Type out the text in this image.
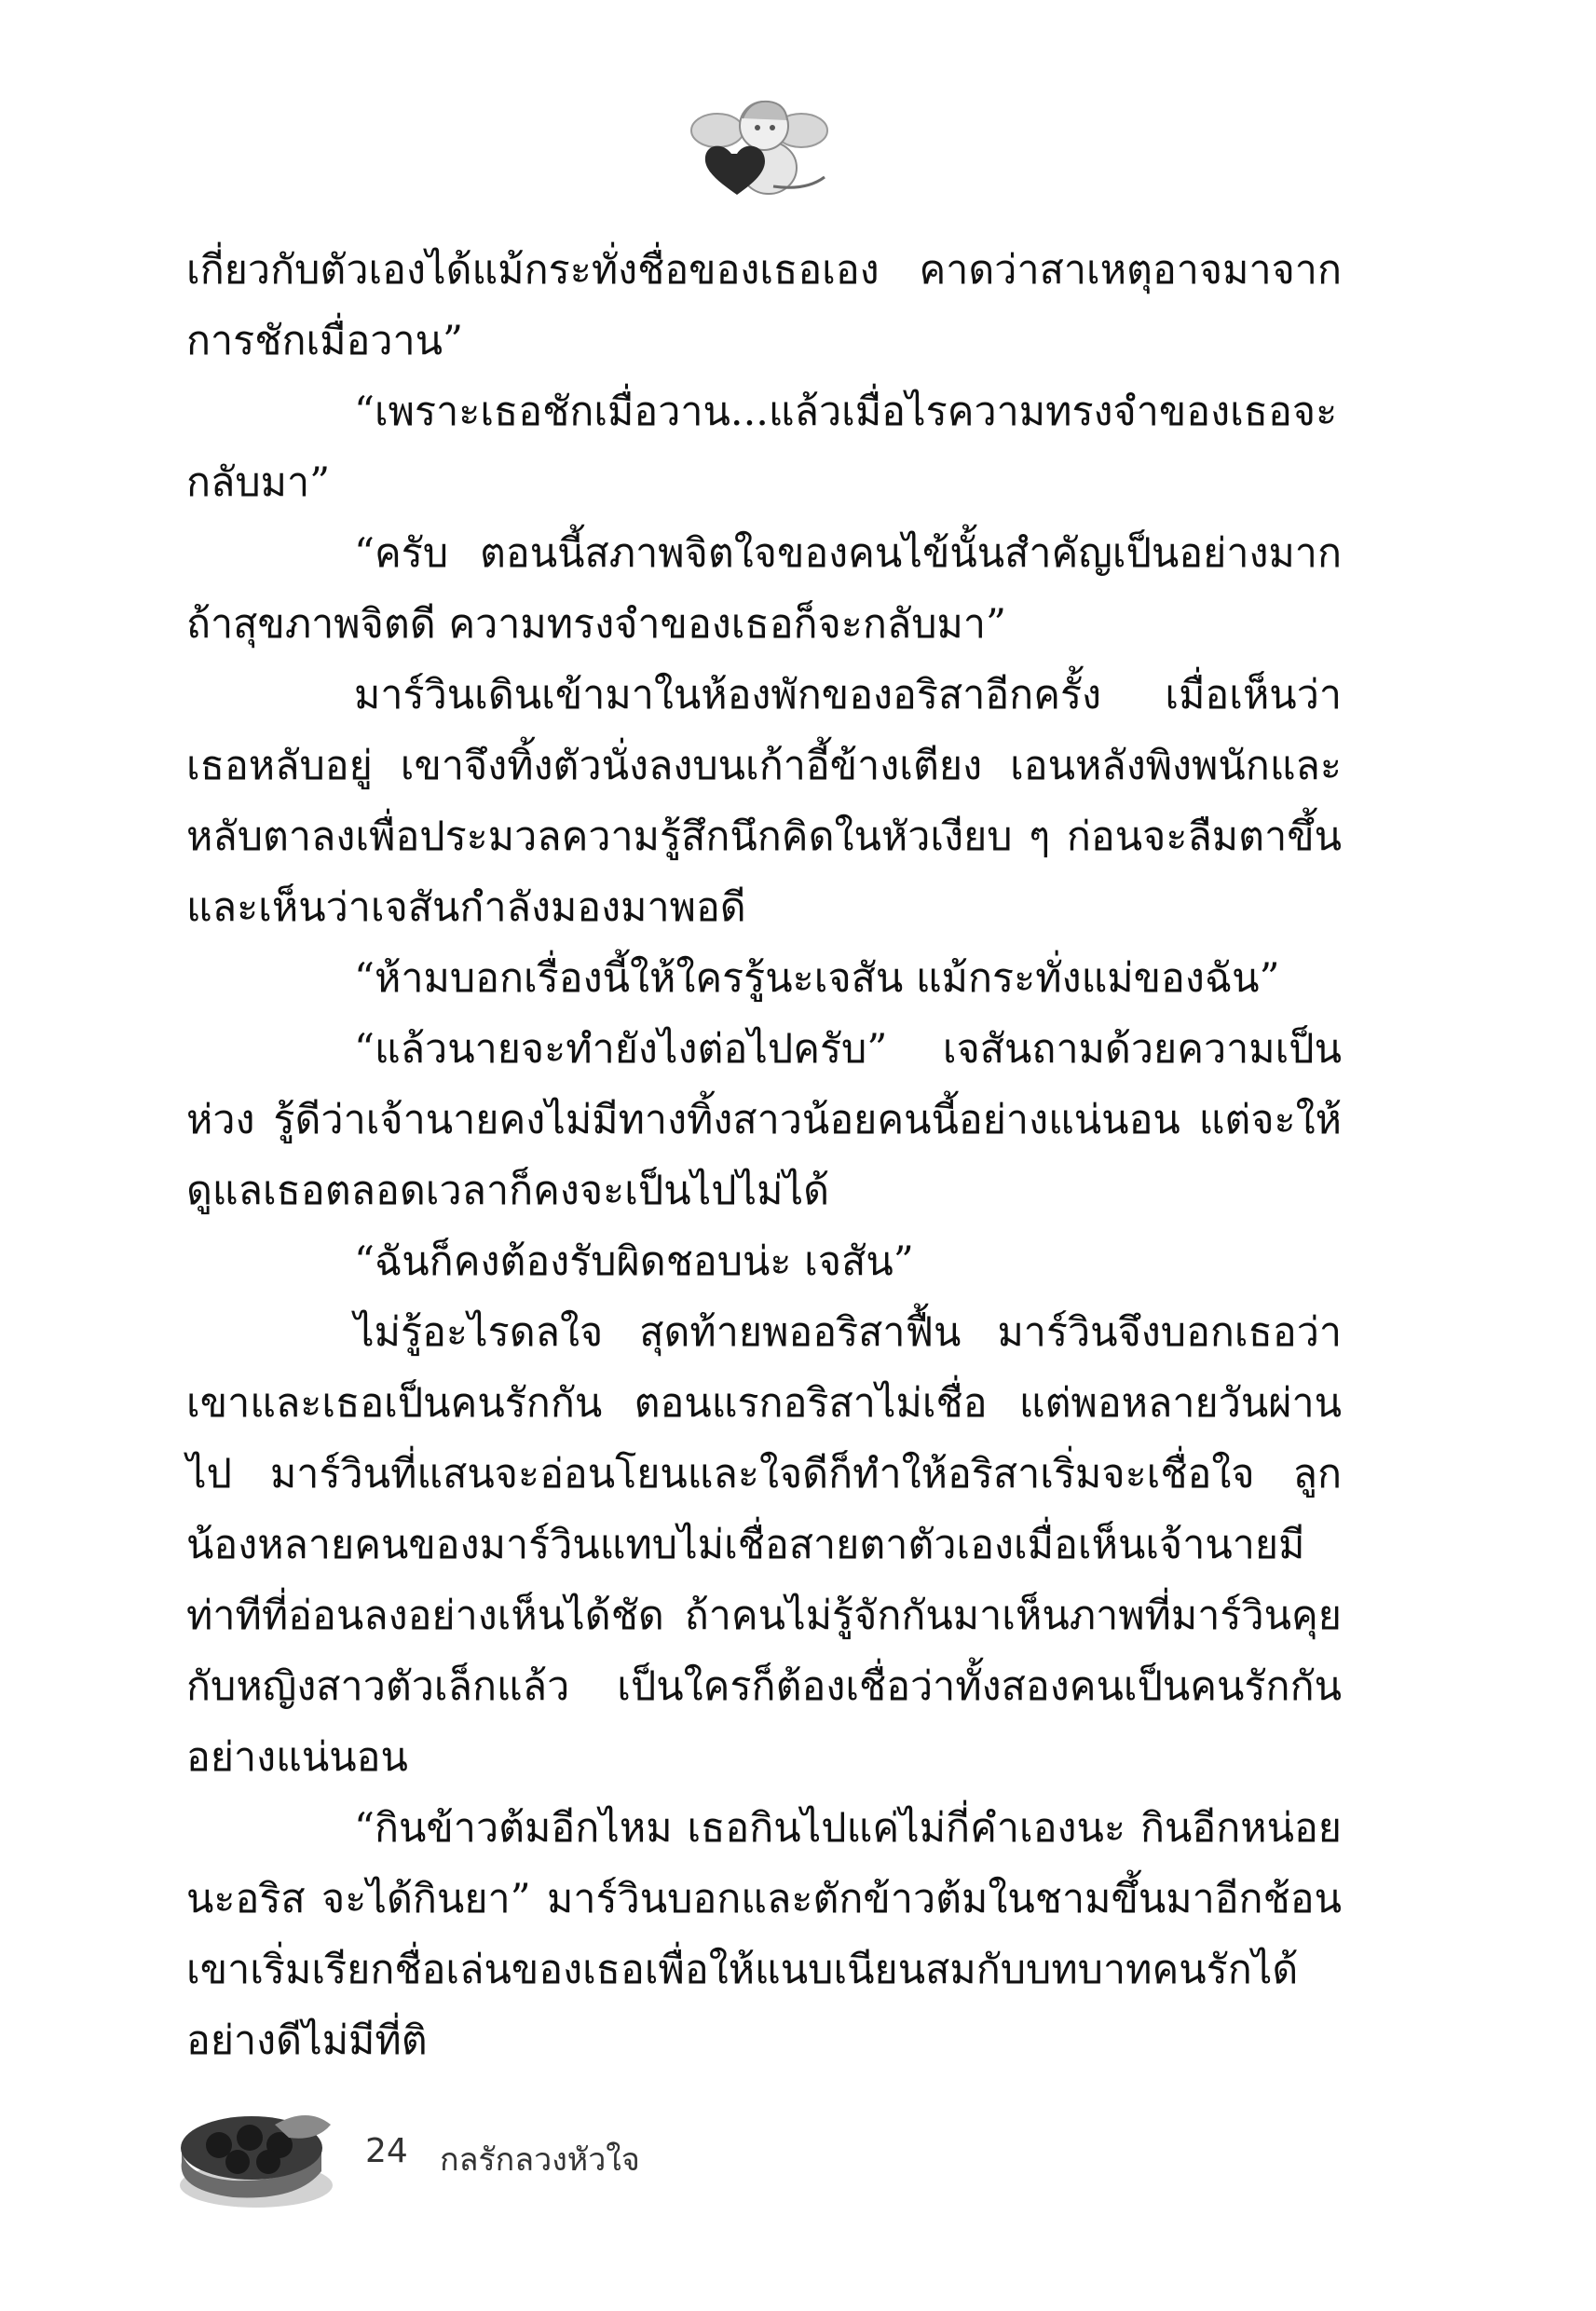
เกี่ยวกับตัวเองได้แม้กระทั่งชื่อของเธอเอง คาดว่าสาเหตุอาจมาจากการชักเมื่อวาน”

“เพราะเธอชักเมื่อวาน...แล้วเมื่อไรความทรงจำของเธอจะกลับมา”

“ครับ ตอนนี้สภาพจิตใจของคนไข้นั้นสำคัญเป็นอย่างมาก ถ้าสุขภาพจิตดี ความทรงจำของเธอก็จะกลับมา”

มาร์วินเดินเข้ามาในห้องพักของอริสาอีกครั้ง เมื่อเห็นว่าเธอหลับอยู่ เขาจึงทิ้งตัวนั่งลงบนเก้าอี้ข้างเตียง เอนหลังพิงพนักและหลับตาลงเพื่อประมวลความรู้สึกนึกคิดในหัวเงียบ ๆ ก่อนจะลืมตาขึ้นและเห็นว่าเจสันกำลังมองมาพอดี

“ห้ามบอกเรื่องนี้ให้ใครรู้นะเจสัน แม้กระทั่งแม่ของฉัน”

“แล้วนายจะทำยังไงต่อไปครับ” เจสันถามด้วยความเป็นห่วง รู้ดีว่าเจ้านายคงไม่มีทางทิ้งสาวน้อยคนนี้อย่างแน่นอน แต่จะให้ดูแลเธอตลอดเวลาก็คงจะเป็นไปไม่ได้

“ฉันก็คงต้องรับผิดชอบน่ะ เจสัน”

ไม่รู้อะไรดลใจ สุดท้ายพออริสาฟื้น มาร์วินจึงบอกเธอว่าเขาและเธอเป็นคนรักกัน ตอนแรกอริสาไม่เชื่อ แต่พอหลายวันผ่านไป มาร์วินที่แสนจะอ่อนโยนและใจดีก็ทำให้อริสาเริ่มจะเชื่อใจ ลูกน้องหลายคนของมาร์วินแทบไม่เชื่อสายตาตัวเองเมื่อเห็นเจ้านายมีท่าทีที่อ่อนลงอย่างเห็นได้ชัด ถ้าคนไม่รู้จักกันมาเห็นภาพที่มาร์วินคุยกับหญิงสาวตัวเล็กแล้ว เป็นใครก็ต้องเชื่อว่าทั้งสองคนเป็นคนรักกันอย่างแน่นอน

“กินข้าวต้มอีกไหม เธอกินไปแค่ไม่กี่คำเองนะ กินอีกหน่อยนะอริส จะได้กินยา” มาร์วินบอกและตักข้าวต้มในชามขึ้นมาอีกช้อน เขาเริ่มเรียกชื่อเล่นของเธอเพื่อให้แนบเนียนสมกับบทบาทคนรักได้อย่างดีไม่มีที่ติ

24 กลรักลวงหัวใจ
